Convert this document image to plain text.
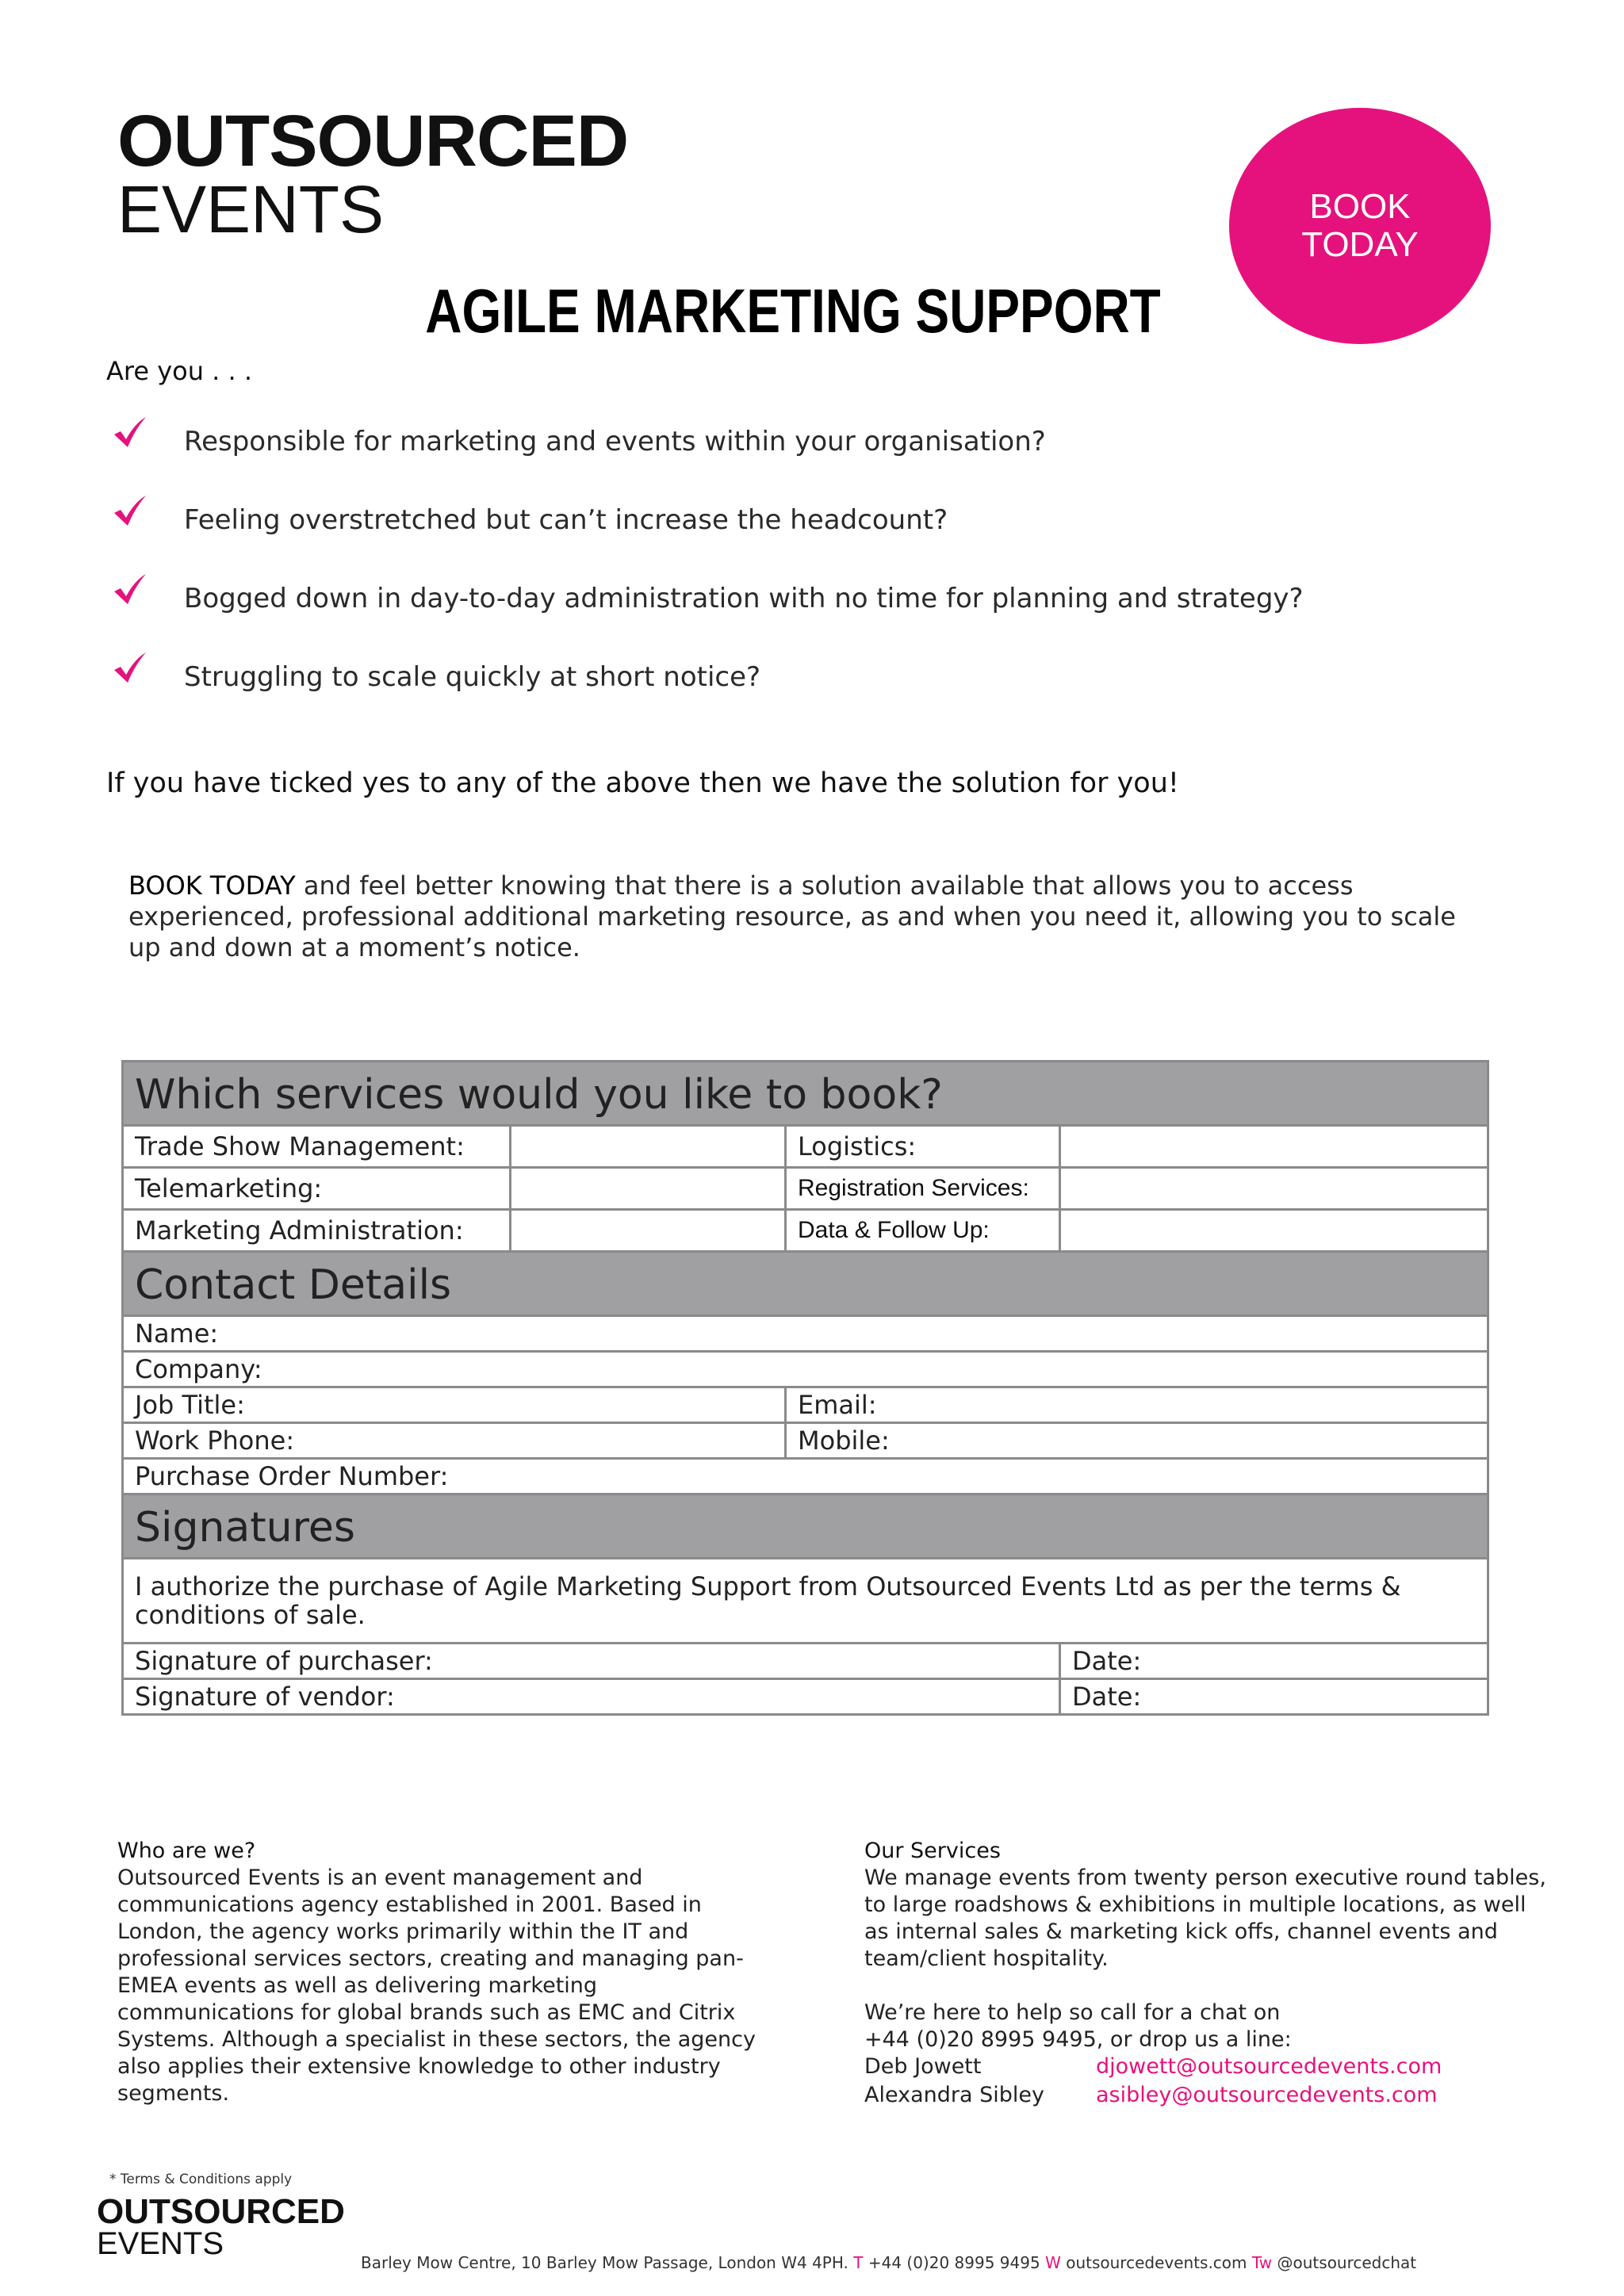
OUTSOURCED
EVENTS	BOOK
TODAY
AGILE MARKETING SUPPORT
Are you . . .
Responsible for marketing and events within your organisation?
Feeling overstretched but can’t increase the headcount?
Bogged down in day-to-day administration with no time for planning and strategy?
Struggling to scale quickly at short notice?
If you have ticked yes to any of the above then we have the solution for you!
BOOK TODAY and feel better knowing that there is a solution available that allows you to access experienced, professional additional marketing resource, as and when you need it, allowing you to scale up and down at a moment’s notice.
Which services would you like to book?			
Trade Show Management:		Logistics:	
Telemarketing:		Registration Services:	
Marketing Administration:		Data & Follow Up:	
Contact Details			
Name:			
Company:			
Job Title:		Email:	
Work Phone:		Mobile:	
Purchase Order Number:			
Signatures			
I authorize the purchase of Agile Marketing Support from Outsourced Events Ltd as per the terms & conditions of sale.			
Signature of purchaser:			Date:
Signature of vendor:			Date:
Who are we?
Outsourced Events is an event management and communications agency established in 2001. Based in London, the agency works primarily within the IT and professional services sectors, creating and managing pan-EMEA events as well as delivering marketing communications for global brands such as EMC and Citrix Systems. Although a specialist in these sectors, the agency also applies their extensive knowledge to other industry segments.
Our Services
We manage events from twenty person executive round tables, to large roadshows & exhibitions in multiple locations, as well as internal sales & marketing kick offs, channel events and team/client hospitality.
We’re here to help so call for a chat on
+44 (0)20 8995 9495, or drop us a line:
Deb Jowett	djowett@outsourcedevents.com
Alexandra Sibley asibley@outsourcedevents.com
* Terms & Conditions apply
OUTSOURCED
EVENTS
Barley Mow Centre, 10 Barley Mow Passage, London W4 4PH. T +44 (0)20 8995 9495 W outsourcedevents.com Tw @outsourcedchat
